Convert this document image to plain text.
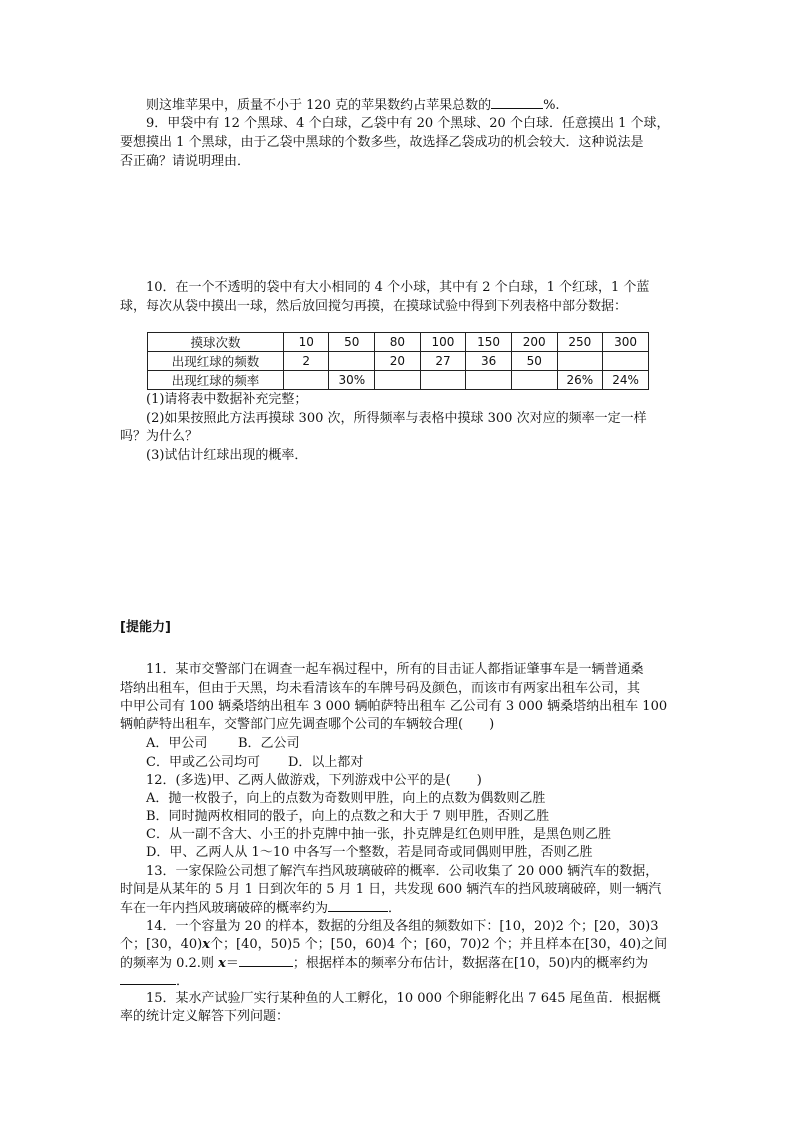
则这堆苹果中，质量不小于 120 克的苹果数约占苹果总数的	%.
9．甲袋中有 12 个黑球、4 个白球，乙袋中有 20 个黑球、20 个白球．任意摸出 1 个球，
要想摸出 1 个黑球，由于乙袋中黑球的个数多些，故选择乙袋成功的机会较大．这种说法是
否正确？请说明理由．
10．在一个不透明的袋中有大小相同的 4 个小球，其中有 2 个白球，1 个红球，1 个蓝
球，每次从袋中摸出一球，然后放回搅匀再摸，在摸球试验中得到下列表格中部分数据：
摸球次数	10	50	80	100	150	200	250	300
出现红球的频数	2		20	27	36	50		
出现红球的频率		30%					26%	24%
(1)请将表中数据补充完整；
(2)如果按照此方法再摸球 300 次，所得频率与表格中摸球 300 次对应的频率一定一样
吗？为什么？
(3)试估计红球出现的概率．
[提能力]
11．某市交警部门在调查一起车祸过程中，所有的目击证人都指证肇事车是一辆普通桑
塔纳出租车，但由于天黑，均未看清该车的车牌号码及颜色，而该市有两家出租车公司，其
中甲公司有 100 辆桑塔纳出租车 3 000 辆帕萨特出租车 乙公司有 3 000 辆桑塔纳出租车 100
辆帕萨特出租车，交警部门应先调查哪个公司的车辆较合理(　　)
A．甲公司 B．乙公司
C．甲或乙公司均可 D．以上都对
12．(多选)甲、乙两人做游戏，下列游戏中公平的是(　　)
A．抛一枚骰子，向上的点数为奇数则甲胜，向上的点数为偶数则乙胜
B．同时抛两枚相同的骰子，向上的点数之和大于 7 则甲胜，否则乙胜
C．从一副不含大、小王的扑克牌中抽一张，扑克牌是红色则甲胜，是黑色则乙胜
D．甲、乙两人从 1～10 中各写一个整数，若是同奇或同偶则甲胜，否则乙胜
13．一家保险公司想了解汽车挡风玻璃破碎的概率．公司收集了 20 000 辆汽车的数据，
时间是从某年的 5 月 1 日到次年的 5 月 1 日，共发现 600 辆汽车的挡风玻璃破碎，则一辆汽
车在一年内挡风玻璃破碎的概率约为	．
14．一个容量为 20 的样本，数据的分组及各组的频数如下：[10，20)2 个；[20，30)3
个；[30，40)x个；[40，50)5 个；[50，60)4 个；[60，70)2 个；并且样本在[30，40)之间
的频率为 0.2.则 x＝	；根据样本的频率分布估计，数据落在[10，50)内的概率约为
．
15．某水产试验厂实行某种鱼的人工孵化，10 000 个卵能孵化出 7 645 尾鱼苗．根据概
率的统计定义解答下列问题：
